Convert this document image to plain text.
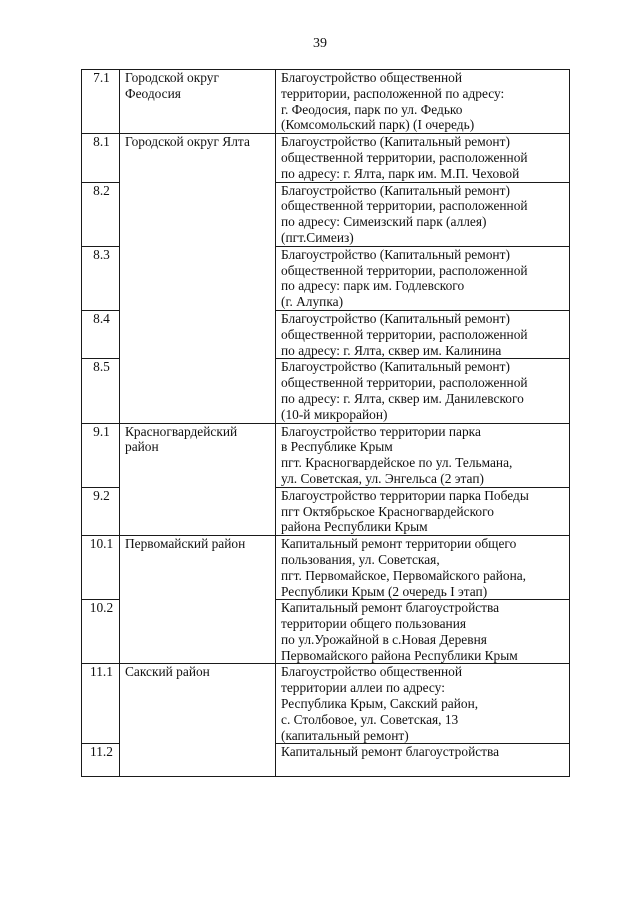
39
7.1	Городской округ
Феодосия	Благоустройство общественной
территории, расположенной по адресу:
г. Феодосия, парк по ул. Федько
(Комсомольский парк) (I очередь)

8.1	Городской округ Ялта	Благоустройство (Капитальный ремонт)
общественной территории, расположенной
по адресу: г. Ялта, парк им. М.П. Чеховой

8.2		Благоустройство (Капитальный ремонт)
общественной территории, расположенной
по адресу: Симеизский парк (аллея)
(пгт.Симеиз)

8.3		Благоустройство (Капитальный ремонт)
общественной территории, расположенной
по адресу: парк им. Годлевского
(г. Алупка)

8.4		Благоустройство (Капитальный ремонт)
общественной территории, расположенной
по адресу: г. Ялта, сквер им. Калинина

8.5		Благоустройство (Капитальный ремонт)
общественной территории, расположенной
по адресу: г. Ялта, сквер им. Данилевского
(10-й микрорайон)

9.1	Красногвардейский
район	Благоустройство территории парка
в Республике Крым
пгт. Красногвардейское по ул. Тельмана,
ул. Советская, ул. Энгельса (2 этап)

9.2		Благоустройство территории парка Победы
пгт Октябрьское Красногвардейского
района Республики Крым

10.1	Первомайский район	Капитальный ремонт территории общего
пользования, ул. Советская,
пгт. Первомайское, Первомайского района,
Республики Крым (2 очередь I этап)

10.2		Капитальный ремонт благоустройства
территории общего пользования
по ул.Урожайной в с.Новая Деревня
Первомайского района Республики Крым

11.1	Сакский район	Благоустройство общественной
территории аллеи по адресу:
Республика Крым, Сакский район,
с. Столбовое, ул. Советская, 13
(капитальный ремонт)

11.2		Капитальный ремонт благоустройства
